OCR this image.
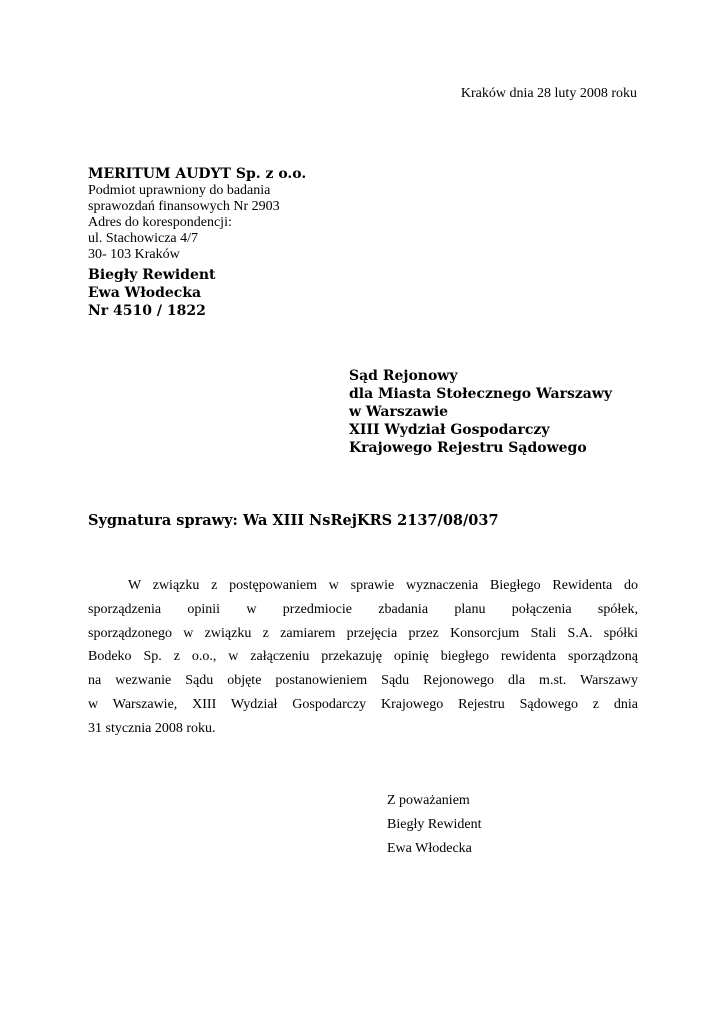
Kraków dnia 28 luty 2008 roku
MERITUM AUDYT Sp. z o.o.
Podmiot uprawniony do badania
sprawozdań finansowych Nr 2903
Adres do korespondencji:
ul. Stachowicza 4/7
30- 103 Kraków
Biegły Rewident
Ewa Włodecka
Nr 4510 / 1822
Sąd Rejonowy
dla Miasta Stołecznego Warszawy
w Warszawie
XIII Wydział Gospodarczy
Krajowego Rejestru Sądowego
Sygnatura sprawy: Wa XIII NsRejKRS 2137/08/037
W związku z postępowaniem w sprawie wyznaczenia Biegłego Rewidenta do
sporządzenia opinii w przedmiocie zbadania planu połączenia spółek,
sporządzonego w związku z zamiarem przejęcia przez Konsorcjum Stali S.A. spółki
Bodeko Sp. z o.o., w załączeniu przekazuję opinię biegłego rewidenta sporządzoną
na wezwanie Sądu objęte postanowieniem Sądu Rejonowego dla m.st. Warszawy
w Warszawie, XIII Wydział Gospodarczy Krajowego Rejestru Sądowego z dnia
31 stycznia 2008 roku.
Z poważaniem
Biegły Rewident
Ewa Włodecka
